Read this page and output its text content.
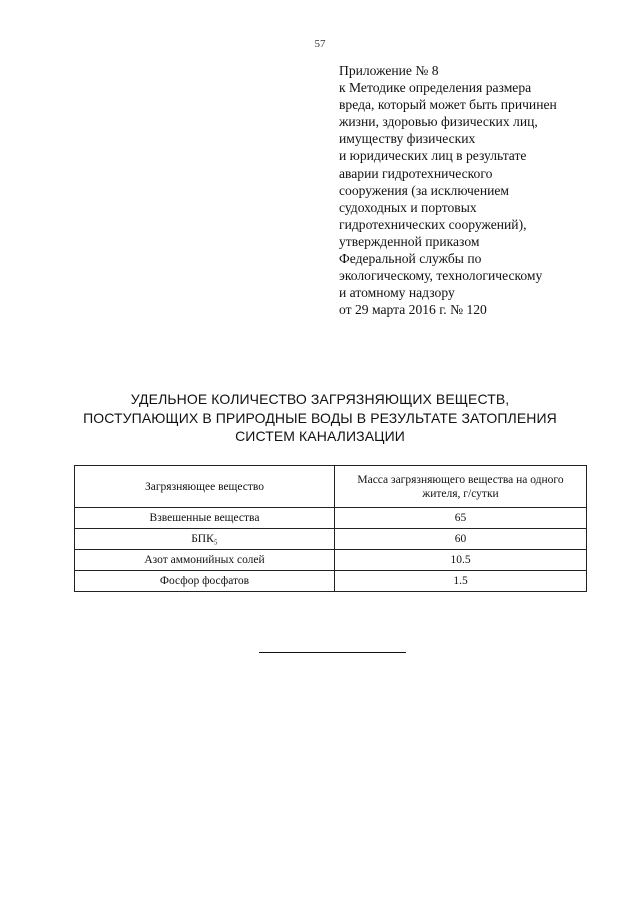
57
Приложение № 8
к Методике определения размера
вреда, который может быть причинен
жизни, здоровью физических лиц,
имуществу физических
и юридических лиц в результате
аварии гидротехнического
сооружения (за исключением
судоходных и портовых
гидротехнических сооружений),
утвержденной приказом
Федеральной службы по
экологическому, технологическому
и атомному надзору
от 29 марта 2016 г. № 120
УДЕЛЬНОЕ КОЛИЧЕСТВО ЗАГРЯЗНЯЮЩИХ ВЕЩЕСТВ,
ПОСТУПАЮЩИХ В ПРИРОДНЫЕ ВОДЫ В РЕЗУЛЬТАТЕ ЗАТОПЛЕНИЯ
СИСТЕМ КАНАЛИЗАЦИИ
Загрязняющее вещество	Масса загрязняющего вещества на одного жителя, г/сутки
Взвешенные вещества	65
БПК₅	60
Азот аммонийных солей	10.5
Фосфор фосфатов	1.5
